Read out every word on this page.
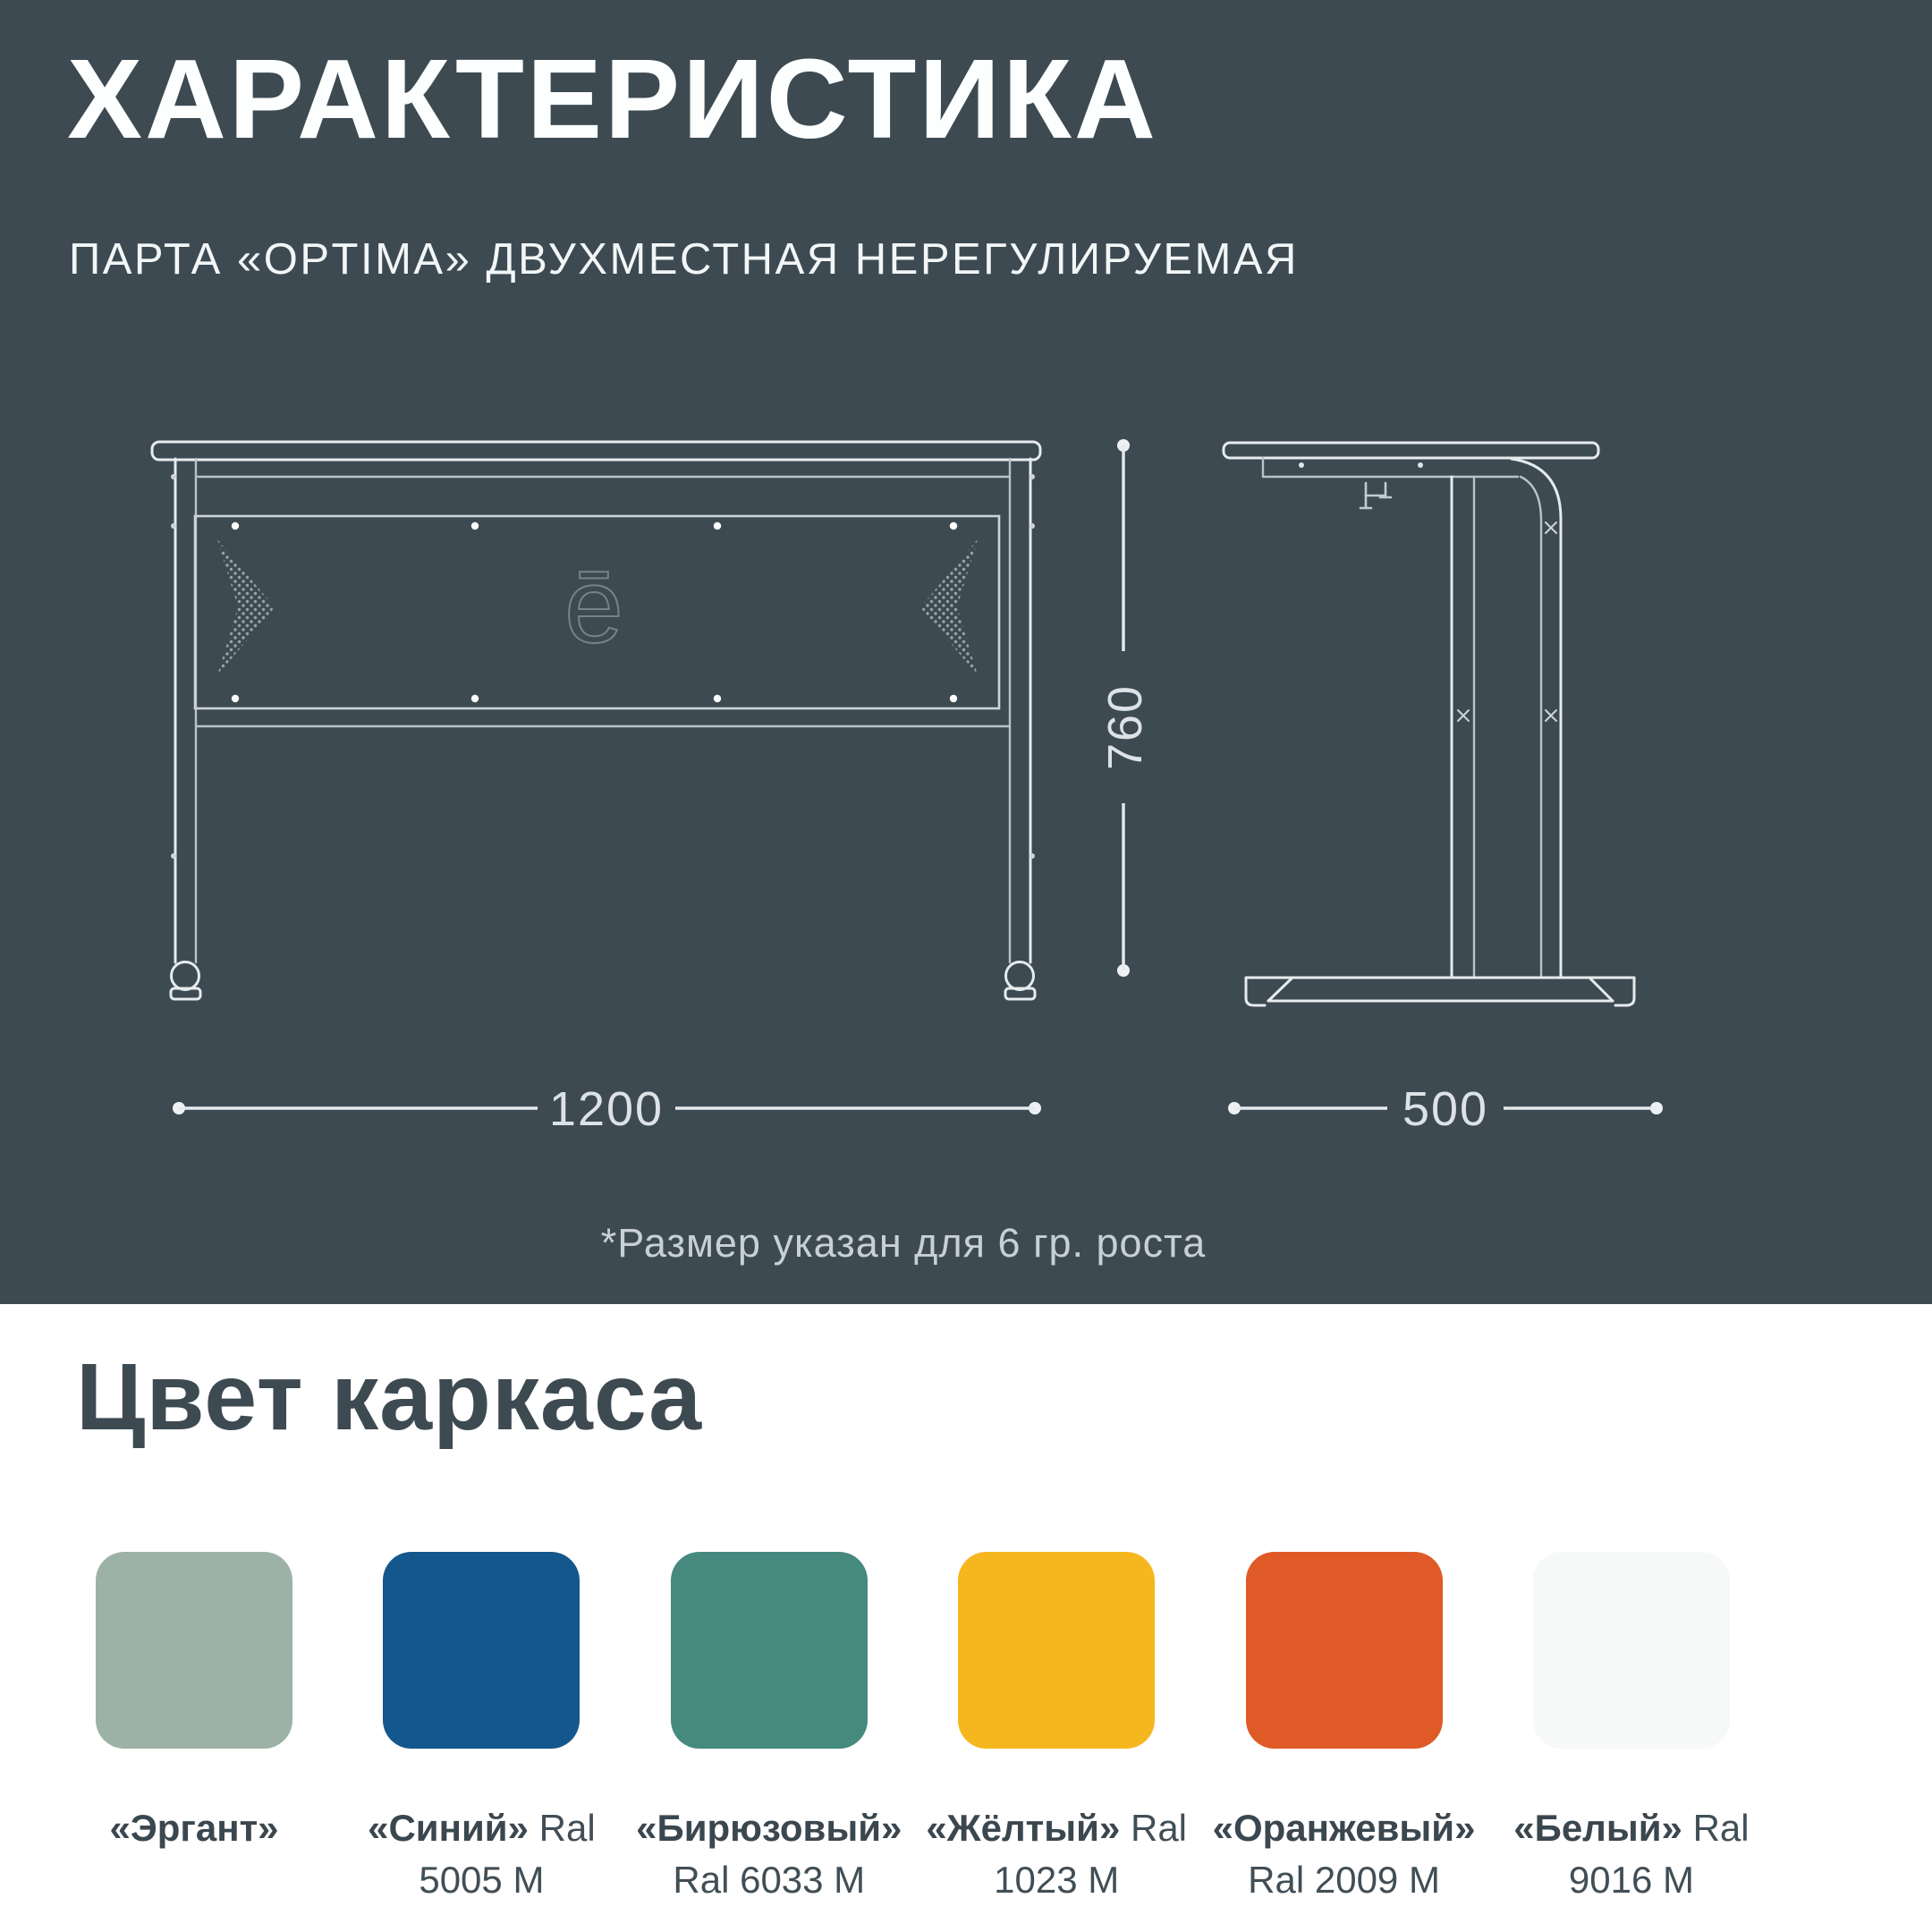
ХАРАКТЕРИСТИКА
ПАРТА «OPTIMA» ДВУХМЕСТНАЯ НЕРЕГУЛИРУЕМАЯ
ē
1200
760
500
*Размер указан для 6 гр. роста
Цвет каркаса
«Эргант»	«Синий» Ral 5005 M
«Бирюзовый» Ral 6033 M
«Жёлтый» Ral 1023 M
«Оранжевый» Ral 2009 M
«Белый» Ral 9016 M
